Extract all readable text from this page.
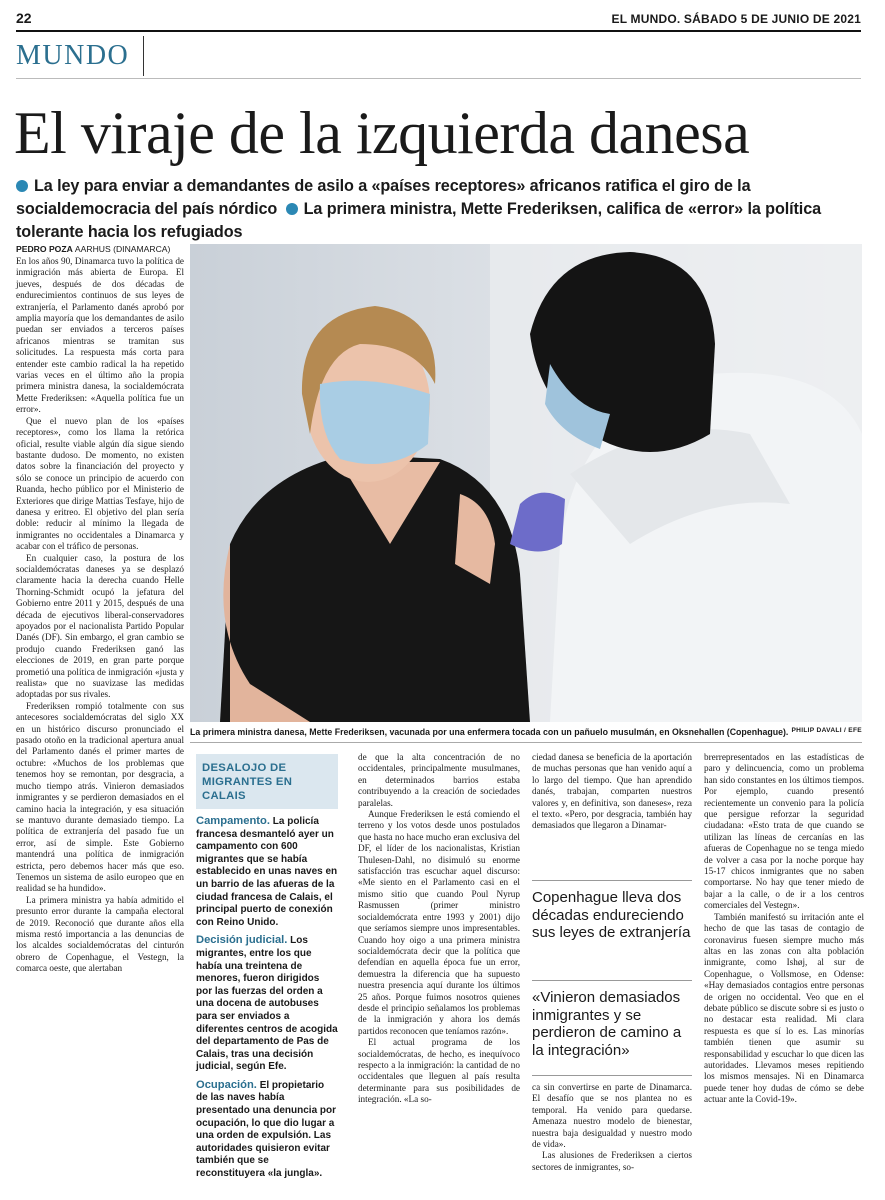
22	EL MUNDO. SÁBADO 5 DE JUNIO DE 2021
MUNDO
El viraje de la izquierda danesa
La ley para enviar a demandantes de asilo a «países receptores» africanos ratifica el giro de la socialdemocracia del país nórdico La primera ministra, Mette Frederiksen, califica de «error» la política tolerante hacia los refugiados
PEDRO POZA AARHUS (DINAMARCA)

En los años 90, Dinamarca tuvo la política de inmigración más abierta de Europa. El jueves, después de dos décadas de endurecimientos continuos de sus leyes de extranjería, el Parlamento danés aprobó por amplia mayoría que los demandantes de asilo puedan ser enviados a terceros países africanos mientras se tramitan sus solicitudes. La respuesta más corta para entender este cambio radical la ha repetido varias veces en el último año la propia primera ministra danesa, la socialdemócrata Mette Frederiksen: «Aquella política fue un error».

Que el nuevo plan de los «países receptores», como los llama la retórica oficial, resulte viable algún día sigue siendo bastante dudoso. De momento, no existen datos sobre la financiación del proyecto y sólo se conoce un principio de acuerdo con Ruanda, hecho público por el Ministerio de Exteriores que dirige Mattias Tesfaye, hijo de danesa y eritreo. El objetivo del plan sería doble: reducir al mínimo la llegada de inmigrantes no occidentales a Dinamarca y acabar con el tráfico de personas.

En cualquier caso, la postura de los socialdemócratas daneses ya se desplazó claramente hacia la derecha cuando Helle Thorning-Schmidt ocupó la jefatura del Gobierno entre 2011 y 2015, después de una década de ejecutivos liberal-conservadores apoyados por el nacionalista Partido Popular Danés (DF). Sin embargo, el gran cambio se produjo cuando Frederiksen ganó las elecciones de 2019, en gran parte porque prometió una política de inmigración «justa y realista» que no suavizase las medidas adoptadas por sus rivales.

Frederiksen rompió totalmente con sus antecesores socialdemócratas del siglo XX en un histórico discurso pronunciado el pasado otoño en la tradicional apertura anual del Parlamento danés el primer martes de octubre: «Muchos de los problemas que tenemos hoy se remontan, por desgracia, a mucho tiempo atrás. Vinieron demasiados inmigrantes y se perdieron demasiados en el camino hacia la integración, y esa situación se mantuvo durante demasiado tiempo. La política de extranjería del pasado fue un error, así de simple. Este Gobierno mantendrá una política de inmigración estricta, pero debemos hacer más que eso. Tenemos un sistema de asilo europeo que en realidad se ha hundido».

La primera ministra ya había admitido el presunto error durante la campaña electoral de 2019. Reconoció que durante años ella misma restó importancia a las denuncias de los alcaldes socialdemócratas del cinturón obrero de Copenhague, el Vestegn, la comarca oeste, que alertaban

La primera ministra danesa, Mette Frederiksen, vacunada por una enfermera tocada con un pañuelo musulmán, en Oksnehallen (Copenhague). PHILIP DAVALI / EFE
DESALOJO DE MIGRANTES EN CALAIS

Campamento. La policía francesa desmanteló ayer un campamento con 600 migrantes que se había establecido en unas naves en un barrio de las afueras de la ciudad francesa de Calais, el principal puerto de conexión con Reino Unido.

Decisión judicial. Los migrantes, entre los que había una treintena de menores, fueron dirigidos por las fuerzas del orden a una docena de autobuses para ser enviados a diferentes centros de acogida del departamento de Pas de Calais, tras una decisión judicial, según Efe.

Ocupación. El propietario de las naves había presentado una denuncia por ocupación, lo que dio lugar a una orden de expulsión. Las autoridades quisieron evitar también que se reconstituyera «la jungla».

de que la alta concentración de no occidentales, principalmente musulmanes, en determinados barrios estaba contribuyendo a la creación de sociedades paralelas.

Aunque Frederiksen le está comiendo el terreno y los votos desde unos postulados que hasta no hace mucho eran exclusiva del DF, el líder de los nacionalistas, Kristian Thulesen-Dahl, no disimuló su enorme satisfacción tras escuchar aquel discurso: «Me siento en el Parlamento casi en el mismo sitio que cuando Poul Nyrup Rasmussen (primer ministro socialdemócrata entre 1993 y 2001) dijo que seríamos siempre unos impresentables. Cuando hoy oigo a una primera ministra socialdemócrata decir que la política que defendían en aquella época fue un error, demuestra la diferencia que ha supuesto nuestra presencia aquí durante los últimos 25 años. Porque fuimos nosotros quienes desde el principio señalamos los problemas de la inmigración y ahora los demás partidos reconocen que teníamos razón».

El actual programa de los socialdemócratas, de hecho, es inequívoco respecto a la inmigración: la cantidad de no occidentales que lleguen al país resulta determinante para sus posibilidades de integración. «La so-

ciedad danesa se beneficia de la aportación de muchas personas que han venido aquí a lo largo del tiempo. Que han aprendido danés, trabajan, comparten nuestros valores y, en definitiva, son daneses», reza el texto. «Pero, por desgracia, también hay demasiados que llegaron a Dinamar-

Copenhague lleva dos décadas endureciendo sus leyes de extranjería
«Vinieron demasiados inmigrantes y se perdieron de camino a la integración»

ca sin convertirse en parte de Dinamarca. El desafío que se nos plantea no es temporal. Ha venido para quedarse. Amenaza nuestro modelo de bienestar, nuestra baja desigualdad y nuestro modo de vida».

Las alusiones de Frederiksen a ciertos sectores de inmigrantes, so-

brerrepresentados en las estadísticas de paro y delincuencia, como un problema han sido constantes en los últimos tiempos. Por ejemplo, cuando presentó recientemente un convenio para la policía que persigue reforzar la seguridad ciudadana: «Esto trata de que cuando se utilizan las líneas de cercanías en las afueras de Copenhague no se tenga miedo de volver a casa por la noche porque hay 15-17 chicos inmigrantes que no saben comportarse. No hay que tener miedo de bajar a la calle, o de ir a los centros comerciales del Vestegn».

También manifestó su irritación ante el hecho de que las tasas de contagio de coronavirus fuesen siempre mucho más altas en las zonas con alta población inmigrante, como Ishøj, al sur de Copenhague, o Vollsmose, en Odense: «Hay demasiados contagios entre personas de origen no occidental. Veo que en el debate público se discute sobre si es justo o no destacar esta realidad. Mi clara respuesta es que sí lo es. Las minorías también tienen que asumir su responsabilidad y escuchar lo que dicen las autoridades. Llevamos meses repitiendo los mismos mensajes. Ni en Dinamarca puede tener hoy dudas de cómo se debe actuar ante la Covid-19».
